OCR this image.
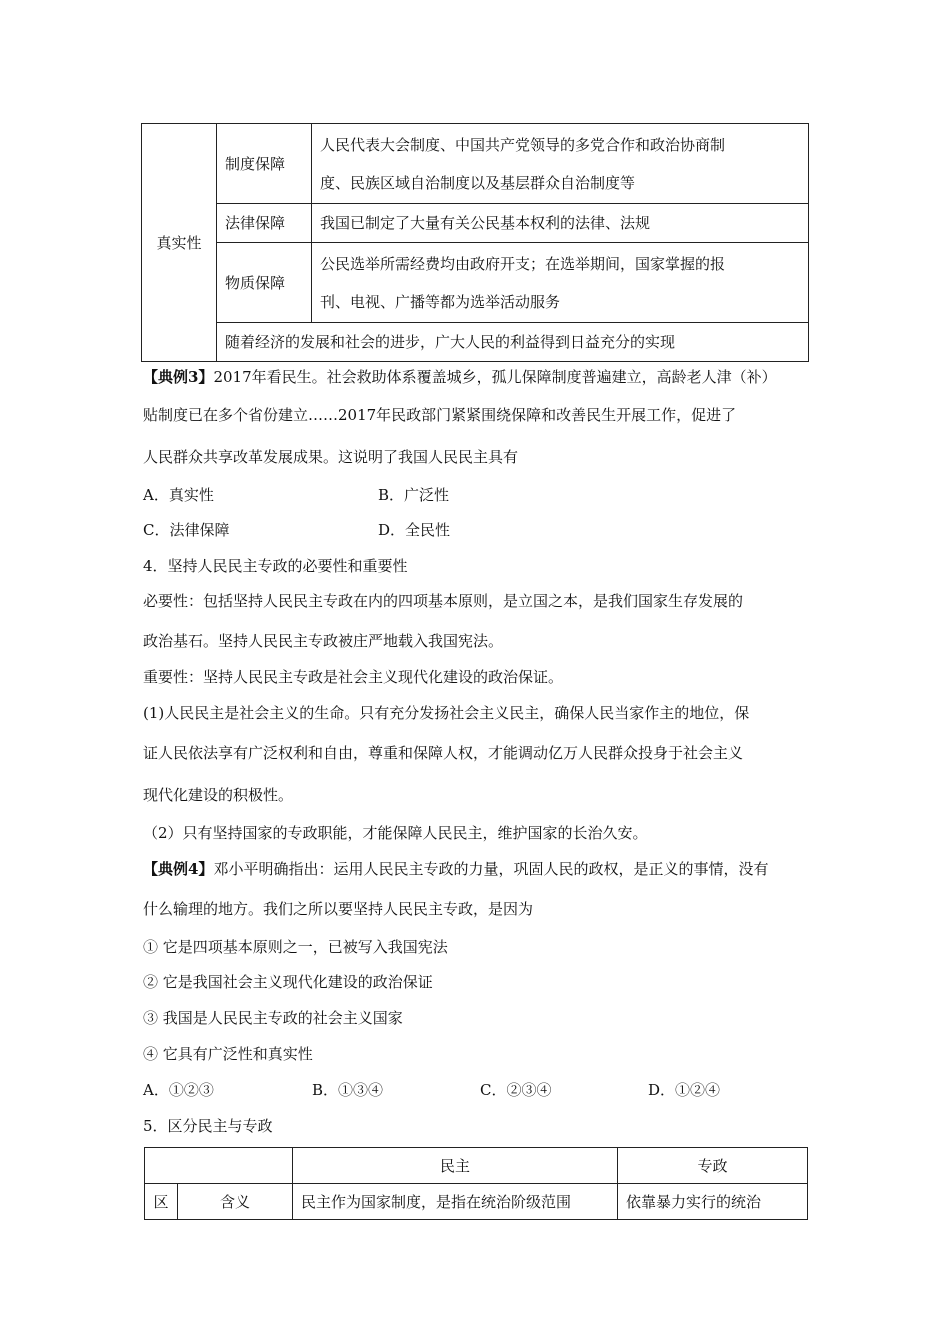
真实性	制度保障	人民代表大会制度、中国共产党领导的多党合作和政治协商制
度、民族区域自治制度以及基层群众自治制度等

	法律保障	我国已制定了大量有关公民基本权利的法律、法规
	物质保障	公民选举所需经费均由政府开支；在选举期间，国家掌握的报
刊、电视、广播等都为选举活动服务

	随着经济的发展和社会的进步，广大人民的利益得到日益充分的实现	
【典例3】2017年看民生。社会救助体系覆盖城乡，孤儿保障制度普遍建立，高龄老人津（补）
贴制度已在多个省份建立……2017年民政部门紧紧围绕保障和改善民生开展工作，促进了
人民群众共享改革发展成果。这说明了我国人民民主具有
A．真实性	B．广泛性
C．法律保障	D．全民性
4．坚持人民民主专政的必要性和重要性
必要性：包括坚持人民民主专政在内的四项基本原则，是立国之本，是我们国家生存发展的
政治基石。坚持人民民主专政被庄严地载入我国宪法。
重要性：坚持人民民主专政是社会主义现代化建设的政治保证。
(1)人民民主是社会主义的生命。只有充分发扬社会主义民主，确保人民当家作主的地位，保
证人民依法享有广泛权利和自由，尊重和保障人权，才能调动亿万人民群众投身于社会主义
现代化建设的积极性。
（2）只有坚持国家的专政职能，才能保障人民民主，维护国家的长治久安。
【典例4】邓小平明确指出：运用人民民主专政的力量，巩固人民的政权，是正义的事情，没有
什么输理的地方。我们之所以要坚持人民民主专政，是因为
① 它是四项基本原则之一，已被写入我国宪法
② 它是我国社会主义现代化建设的政治保证
③ 我国是人民民主专政的社会主义国家
④ 它具有广泛性和真实性
A．①②③	B．①③④	C．②③④	D．①②④
5．区分民主与专政
		民主	专政
区	含义	民主作为国家制度，是指在统治阶级范围	依靠暴力实行的统治
